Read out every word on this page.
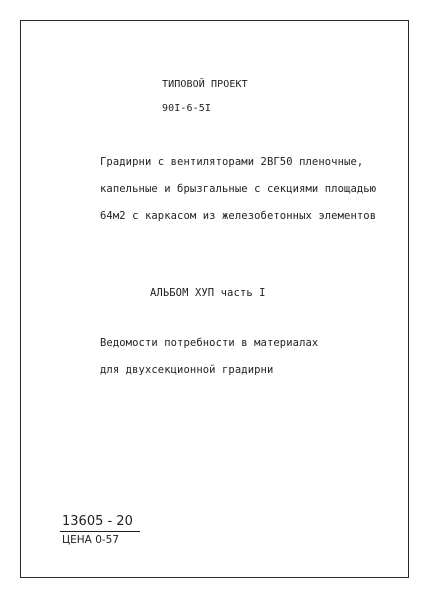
ТИПОВОЙ ПРОЕКТ
90I-6-5I
Градирни с вентиляторами 2ВГ50 пленочные,
капельные и брызгальные с секциями площадью
64м2 с каркасом из железобетонных элементов
АЛЬБОМ ХУП часть I
Ведомости потребности в материалах
для двухсекционной градирни
13605 - 20
ЦЕНА 0-57
